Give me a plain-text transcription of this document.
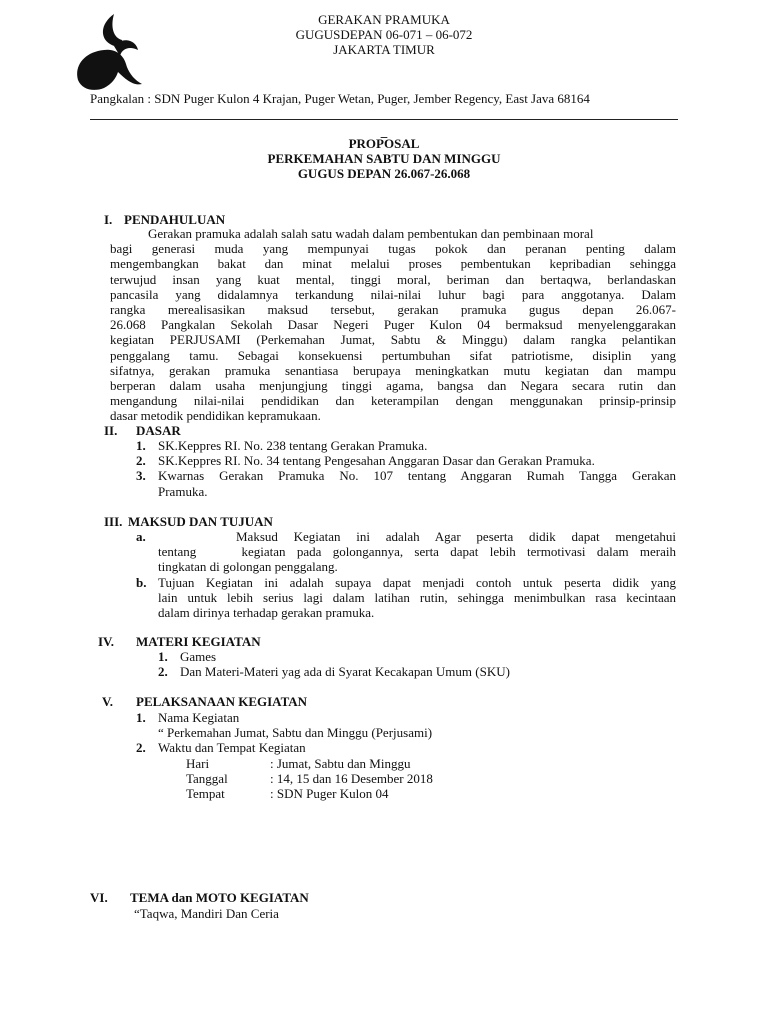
GERAKAN PRAMUKA
GUGUSDEPAN 06-071 – 06-072
JAKARTA TIMUR
Pangkalan : SDN Puger Kulon 4 Krajan, Puger Wetan, Puger, Jember Regency, East Java 68164
_
PROPOSAL
PERKEMAHAN SABTU DAN MINGGU
GUGUS DEPAN 26.067-26.068
I. PENDAHULUAN
Gerakan pramuka adalah salah satu wadah dalam pembentukan dan pembinaan moral
bagi generasi muda yang mempunyai tugas pokok dan peranan penting dalam
mengembangkan bakat dan minat melalui proses pembentukan kepribadian sehingga
terwujud insan yang kuat mental, tinggi moral, beriman dan bertaqwa, berlandaskan
pancasila yang didalamnya terkandung nilai-nilai luhur bagi para anggotanya. Dalam
rangka merealisasikan maksud tersebut, gerakan pramuka gugus depan 26.067-
26.068 Pangkalan Sekolah Dasar Negeri Puger Kulon 04 bermaksud menyelenggarakan
kegiatan PERJUSAMI (Perkemahan Jumat, Sabtu & Minggu) dalam rangka pelantikan
penggalang tamu. Sebagai konsekuensi pertumbuhan sifat patriotisme, disiplin yang
sifatnya, gerakan pramuka senantiasa berupaya meningkatkan mutu kegiatan dan mampu
berperan dalam usaha menjungjung tinggi agama, bangsa dan Negara secara rutin dan
mengandung nilai-nilai pendidikan dan keterampilan dengan menggunakan prinsip-prinsip
dasar metodik pendidikan kepramukaan.
II. DASAR
1. SK.Keppres RI. No. 238 tentang Gerakan Pramuka.
2. SK.Keppres RI. No. 34 tentang Pengesahan Anggaran Dasar dan Gerakan Pramuka.
3. Kwarnas Gerakan Pramuka No. 107 tentang Anggaran Rumah Tangga Gerakan
Pramuka.
III. MAKSUD DAN TUJUAN
a.	Maksud Kegiatan ini adalah Agar peserta didik dapat mengetahui
tentang    kegiatan pada golongannya, serta dapat lebih termotivasi dalam meraih
tingkatan di golongan penggalang.
b. Tujuan Kegiatan ini adalah supaya dapat menjadi contoh untuk peserta didik yang
lain untuk lebih serius lagi dalam latihan rutin, sehingga menimbulkan rasa kecintaan
dalam dirinya terhadap gerakan pramuka.
IV. MATERI KEGIATAN
1. Games
2. Dan Materi-Materi yag ada di Syarat Kecakapan Umum (SKU)
V. PELAKSANAAN KEGIATAN
1. Nama Kegiatan
“ Perkemahan Jumat, Sabtu dan Minggu (Perjusami)
2. Waktu dan Tempat Kegiatan
Hari	: Jumat, Sabtu dan Minggu
Tanggal	: 14, 15 dan 16 Desember 2018
Tempat	: SDN Puger Kulon 04
VI. TEMA dan MOTO KEGIATAN
“Taqwa, Mandiri Dan Ceria
